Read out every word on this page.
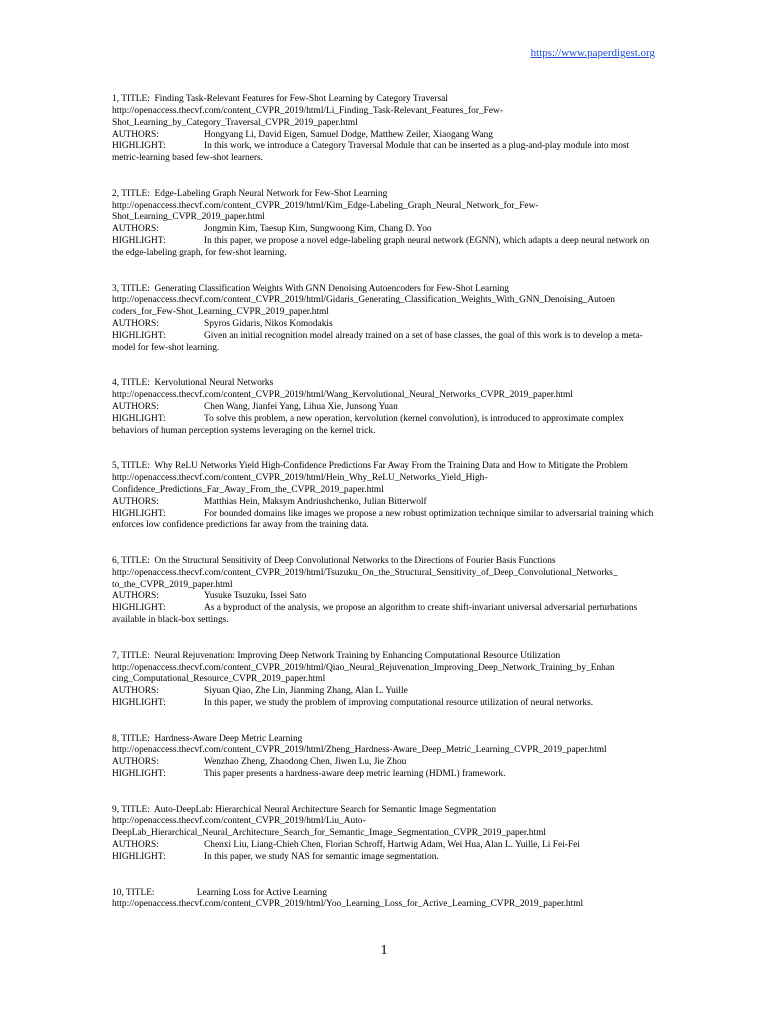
https://www.paperdigest.org
1, TITLE: Finding Task-Relevant Features for Few-Shot Learning by Category Traversal
http://openaccess.thecvf.com/content_CVPR_2019/html/Li_Finding_Task-Relevant_Features_for_Few-
Shot_Learning_by_Category_Traversal_CVPR_2019_paper.html
AUTHORS:	Hongyang Li, David Eigen, Samuel Dodge, Matthew Zeiler, Xiaogang Wang
HIGHLIGHT:	In this work, we introduce a Category Traversal Module that can be inserted as a plug-and-play module into most metric-learning based few-shot learners.
2, TITLE: Edge-Labeling Graph Neural Network for Few-Shot Learning
http://openaccess.thecvf.com/content_CVPR_2019/html/Kim_Edge-Labeling_Graph_Neural_Network_for_Few-
Shot_Learning_CVPR_2019_paper.html
AUTHORS:	Jongmin Kim, Taesup Kim, Sungwoong Kim, Chang D. Yoo
HIGHLIGHT:	In this paper, we propose a novel edge-labeling graph neural network (EGNN), which adapts a deep neural network on the edge-labeling graph, for few-shot learning.
3, TITLE: Generating Classification Weights With GNN Denoising Autoencoders for Few-Shot Learning
http://openaccess.thecvf.com/content_CVPR_2019/html/Gidaris_Generating_Classification_Weights_With_GNN_Denoising_Autoen
coders_for_Few-Shot_Learning_CVPR_2019_paper.html
AUTHORS:	Spyros Gidaris, Nikos Komodakis
HIGHLIGHT:	Given an initial recognition model already trained on a set of base classes, the goal of this work is to develop a meta-model for few-shot learning.
4, TITLE: Kervolutional Neural Networks
http://openaccess.thecvf.com/content_CVPR_2019/html/Wang_Kervolutional_Neural_Networks_CVPR_2019_paper.html
AUTHORS:	Chen Wang, Jianfei Yang, Lihua Xie, Junsong Yuan
HIGHLIGHT:	To solve this problem, a new operation, kervolution (kernel convolution), is introduced to approximate complex behaviors of human perception systems leveraging on the kernel trick.
5, TITLE: Why ReLU Networks Yield High-Confidence Predictions Far Away From the Training Data and How to Mitigate the Problem
http://openaccess.thecvf.com/content_CVPR_2019/html/Hein_Why_ReLU_Networks_Yield_High-
Confidence_Predictions_Far_Away_From_the_CVPR_2019_paper.html
AUTHORS:	Matthias Hein, Maksym Andriushchenko, Julian Bitterwolf
HIGHLIGHT:	For bounded domains like images we propose a new robust optimization technique similar to adversarial training which enforces low confidence predictions far away from the training data.
6, TITLE: On the Structural Sensitivity of Deep Convolutional Networks to the Directions of Fourier Basis Functions
http://openaccess.thecvf.com/content_CVPR_2019/html/Tsuzuku_On_the_Structural_Sensitivity_of_Deep_Convolutional_Networks_
to_the_CVPR_2019_paper.html
AUTHORS:	Yusuke Tsuzuku, Issei Sato
HIGHLIGHT:	As a byproduct of the analysis, we propose an algorithm to create shift-invariant universal adversarial perturbations available in black-box settings.
7, TITLE: Neural Rejuvenation: Improving Deep Network Training by Enhancing Computational Resource Utilization
http://openaccess.thecvf.com/content_CVPR_2019/html/Qiao_Neural_Rejuvenation_Improving_Deep_Network_Training_by_Enhan
cing_Computational_Resource_CVPR_2019_paper.html
AUTHORS:	Siyuan Qiao, Zhe Lin, Jianming Zhang, Alan L. Yuille
HIGHLIGHT:	In this paper, we study the problem of improving computational resource utilization of neural networks.
8, TITLE: Hardness-Aware Deep Metric Learning
http://openaccess.thecvf.com/content_CVPR_2019/html/Zheng_Hardness-Aware_Deep_Metric_Learning_CVPR_2019_paper.html
AUTHORS:	Wenzhao Zheng, Zhaodong Chen, Jiwen Lu, Jie Zhou
HIGHLIGHT:	This paper presents a hardness-aware deep metric learning (HDML) framework.
9, TITLE: Auto-DeepLab: Hierarchical Neural Architecture Search for Semantic Image Segmentation
http://openaccess.thecvf.com/content_CVPR_2019/html/Liu_Auto-
DeepLab_Hierarchical_Neural_Architecture_Search_for_Semantic_Image_Segmentation_CVPR_2019_paper.html
AUTHORS:	Chenxi Liu, Liang-Chieh Chen, Florian Schroff, Hartwig Adam, Wei Hua, Alan L. Yuille, Li Fei-Fei
HIGHLIGHT:	In this paper, we study NAS for semantic image segmentation.
10, TITLE:	Learning Loss for Active Learning
http://openaccess.thecvf.com/content_CVPR_2019/html/Yoo_Learning_Loss_for_Active_Learning_CVPR_2019_paper.html
1
